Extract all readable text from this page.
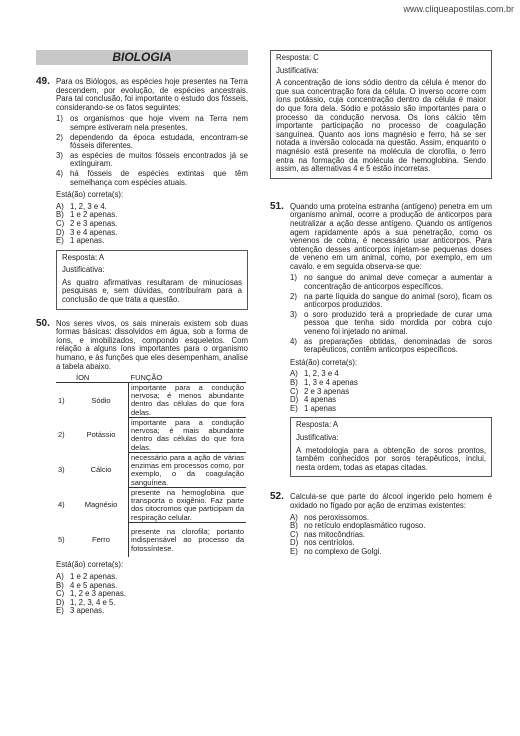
www.cliqueapostilas.com.br
BIOLOGIA
49. Para os Biólogos, as espécies hoje presentes na Terra descendem, por evolução, de espécies ancestrais. Para tal conclusão, foi importante o estudo dos fósseis, considerando-se os fatos seguintes:
1) os organismos que hoje vivem na Terra nem sempre estiveram nela presentes.
2) dependendo da época estudada, encontram-se fósseis diferentes.
3) as espécies de muitos fósseis encontrados já se extinguiram.
4) há fósseis de espécies extintas que têm semelhança com espécies atuais.
Está(ão) correta(s):
A) 1, 2, 3 e 4.
B) 1 e 2 apenas.
C) 2 e 3 apenas.
D) 3 e 4 apenas.
E) 1 apenas.
Resposta: A
Justificativa:
As quatro afirmativas resultaram de minuciosas pesquisas e, sem dúvidas, contribuíram para a conclusão de que trata a questão.
50. Nos seres vivos, os sais minerais existem sob duas formas básicas: dissolvidos em água, sob a forma de íons, e imobilizados, compondo esqueletos. Com relação a alguns íons importantes para o organismo humano, e às funções que eles desempenham, analise a tabela abaixo.
	ÍON	FUNÇÃO
1)	Sódio	importante para a condução nervosa; é menos abundante dentro das células do que fora delas.
2)	Potássio	importante para a condução nervosa; é mais abundante dentro das células do que fora delas.
3)	Cálcio	necessário para a ação de várias enzimas em processos como, por exemplo, o da coagulação sanguínea.
4)	Magnésio	presente na hemoglobina que transporta o oxigênio. Faz parte dos citocromos que participam da respiração celular.
5)	Ferro	presente na clorofila; portanto indispensável ao processo da fotossíntese.
Está(ão) correta(s):
A) 1 e 2 apenas.
B) 4 e 5 apenas.
C) 1, 2 e 3 apenas.
D) 1, 2, 3, 4 e 5.
E) 3 apenas.
Resposta: C
Justificativa:
A concentração de íons sódio dentro da célula é menor do que sua concentração fora da célula. O inverso ocorre com íons potássio, cuja concentração dentro da célula é maior do que fora dela. Sódio e potássio são importantes para o processo da condução nervosa. Os íons cálcio têm importante participação no processo de coagulação sanguínea. Quanto aos íons magnésio e ferro, há se ser notada a inversão colocada na questão. Assim, enquanto o magnésio está presente na molécula de clorofila, o ferro entra na formação da molécula de hemoglobina. Sendo assim, as alternativas 4 e 5 estão incorretas.
51. Quando uma proteína estranha (antígeno) penetra em um organismo animal, ocorre a produção de anticorpos para neutralizar a ação desse antígeno. Quando os antígenos agem rapidamente após a sua penetração, como os venenos de cobra, é necessário usar anticorpos. Para obtenção desses anticorpos injetam-se pequenas doses de veneno em um animal, como, por exemplo, em um cavalo. e em seguida observa-se que:
1) no sangue do animal deve começar a aumentar a concentração de anticorpos específicos.
2) na parte líquida do sangue do animal (soro), ficam os anticorpos produzidos.
3) o soro produzido terá a propriedade de curar uma pessoa que tenha sido mordida por cobra cujo veneno foi injetado no animal.
4) as preparações obtidas, denominadas de soros terapêuticos, contêm anticorpos específicos.
Está(ão) correta(s):
A) 1, 2, 3 e 4
B) 1, 3 e 4 apenas
C) 2 e 3 apenas
D) 4 apenas
E) 1 apenas
Resposta: A
Justificativa:
A metodologia para a obtenção de soros prontos, também conhecidos por soros terapêuticos, inclui, nesta ordem, todas as etapas citadas.
52. Calcula-se que parte do álcool ingerido pelo homem é oxidado no fígado por ação de enzimas existentes:
A) nos peroxissomos.
B) no retículo endoplasmático rugoso.
C) nas mitocôndrias.
D) nos centríolos.
E) no complexo de Golgi.
